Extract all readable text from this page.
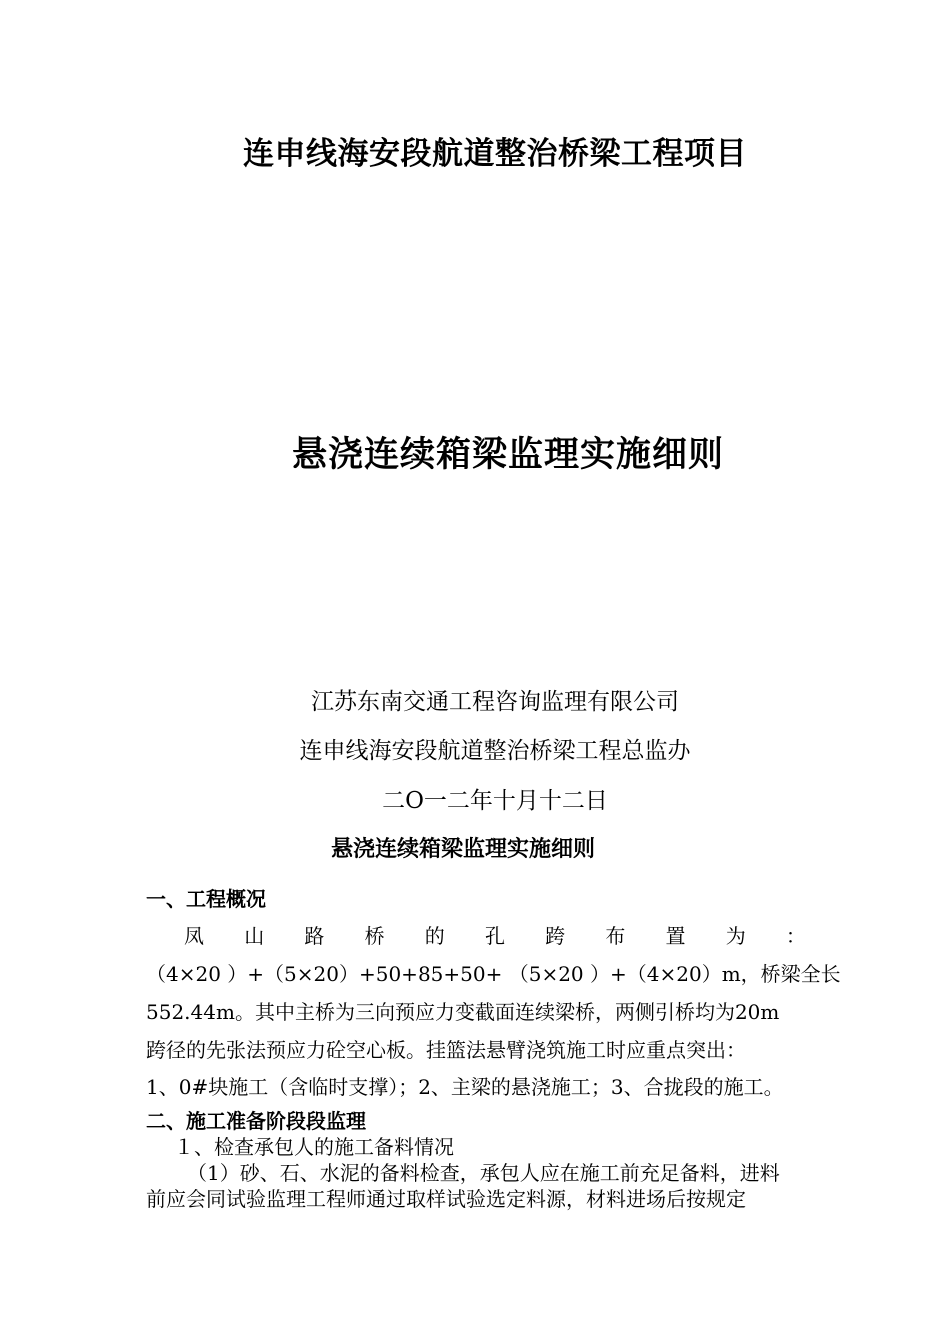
连申线海安段航道整治桥梁工程项目
悬浇连续箱梁监理实施细则
江苏东南交通工程咨询监理有限公司
连申线海安段航道整治桥梁工程总监办
二O一二年十月十二日
悬浇连续箱梁监理实施细则
一、工程概况
凤 山 路 桥 的 孔 跨 布 置 为 ：
（4×20 ）+（5×20）+50+85+50+ （5×20 ）+（4×20）m，桥梁全长
552.44m。其中主桥为三向预应力变截面连续梁桥，两侧引桥均为20m
跨径的先张法预应力砼空心板。挂篮法悬臂浇筑施工时应重点突出：
1、0#块施工（含临时支撑）；2、主梁的悬浇施工；3、合拢段的施工。
二、施工准备阶段段监理
１、检查承包人的施工备料情况
（1）砂、石、水泥的备料检查，承包人应在施工前充足备料，进料
前应会同试验监理工程师通过取样试验选定料源，材料进场后按规定
